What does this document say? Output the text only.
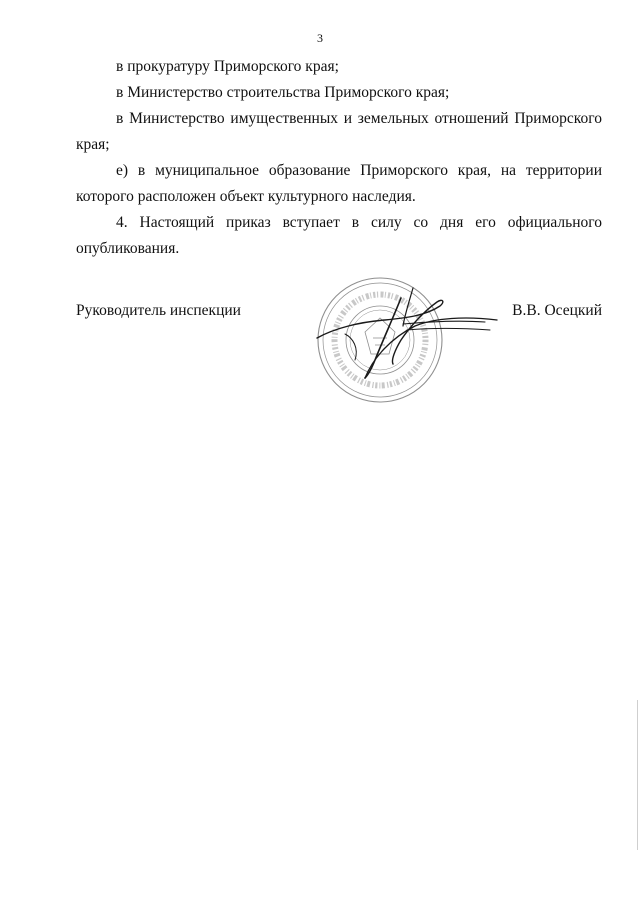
3

в прокуратуру Приморского края;

в Министерство строительства Приморского края;

в Министерство имущественных и земельных отношений Приморского края;

е) в муниципальное образование Приморского края, на территории которого расположен объект культурного наследия.

4. Настоящий приказ вступает в силу со дня его официального опубликования.

Руководитель инспекции	В.В. Осецкий
